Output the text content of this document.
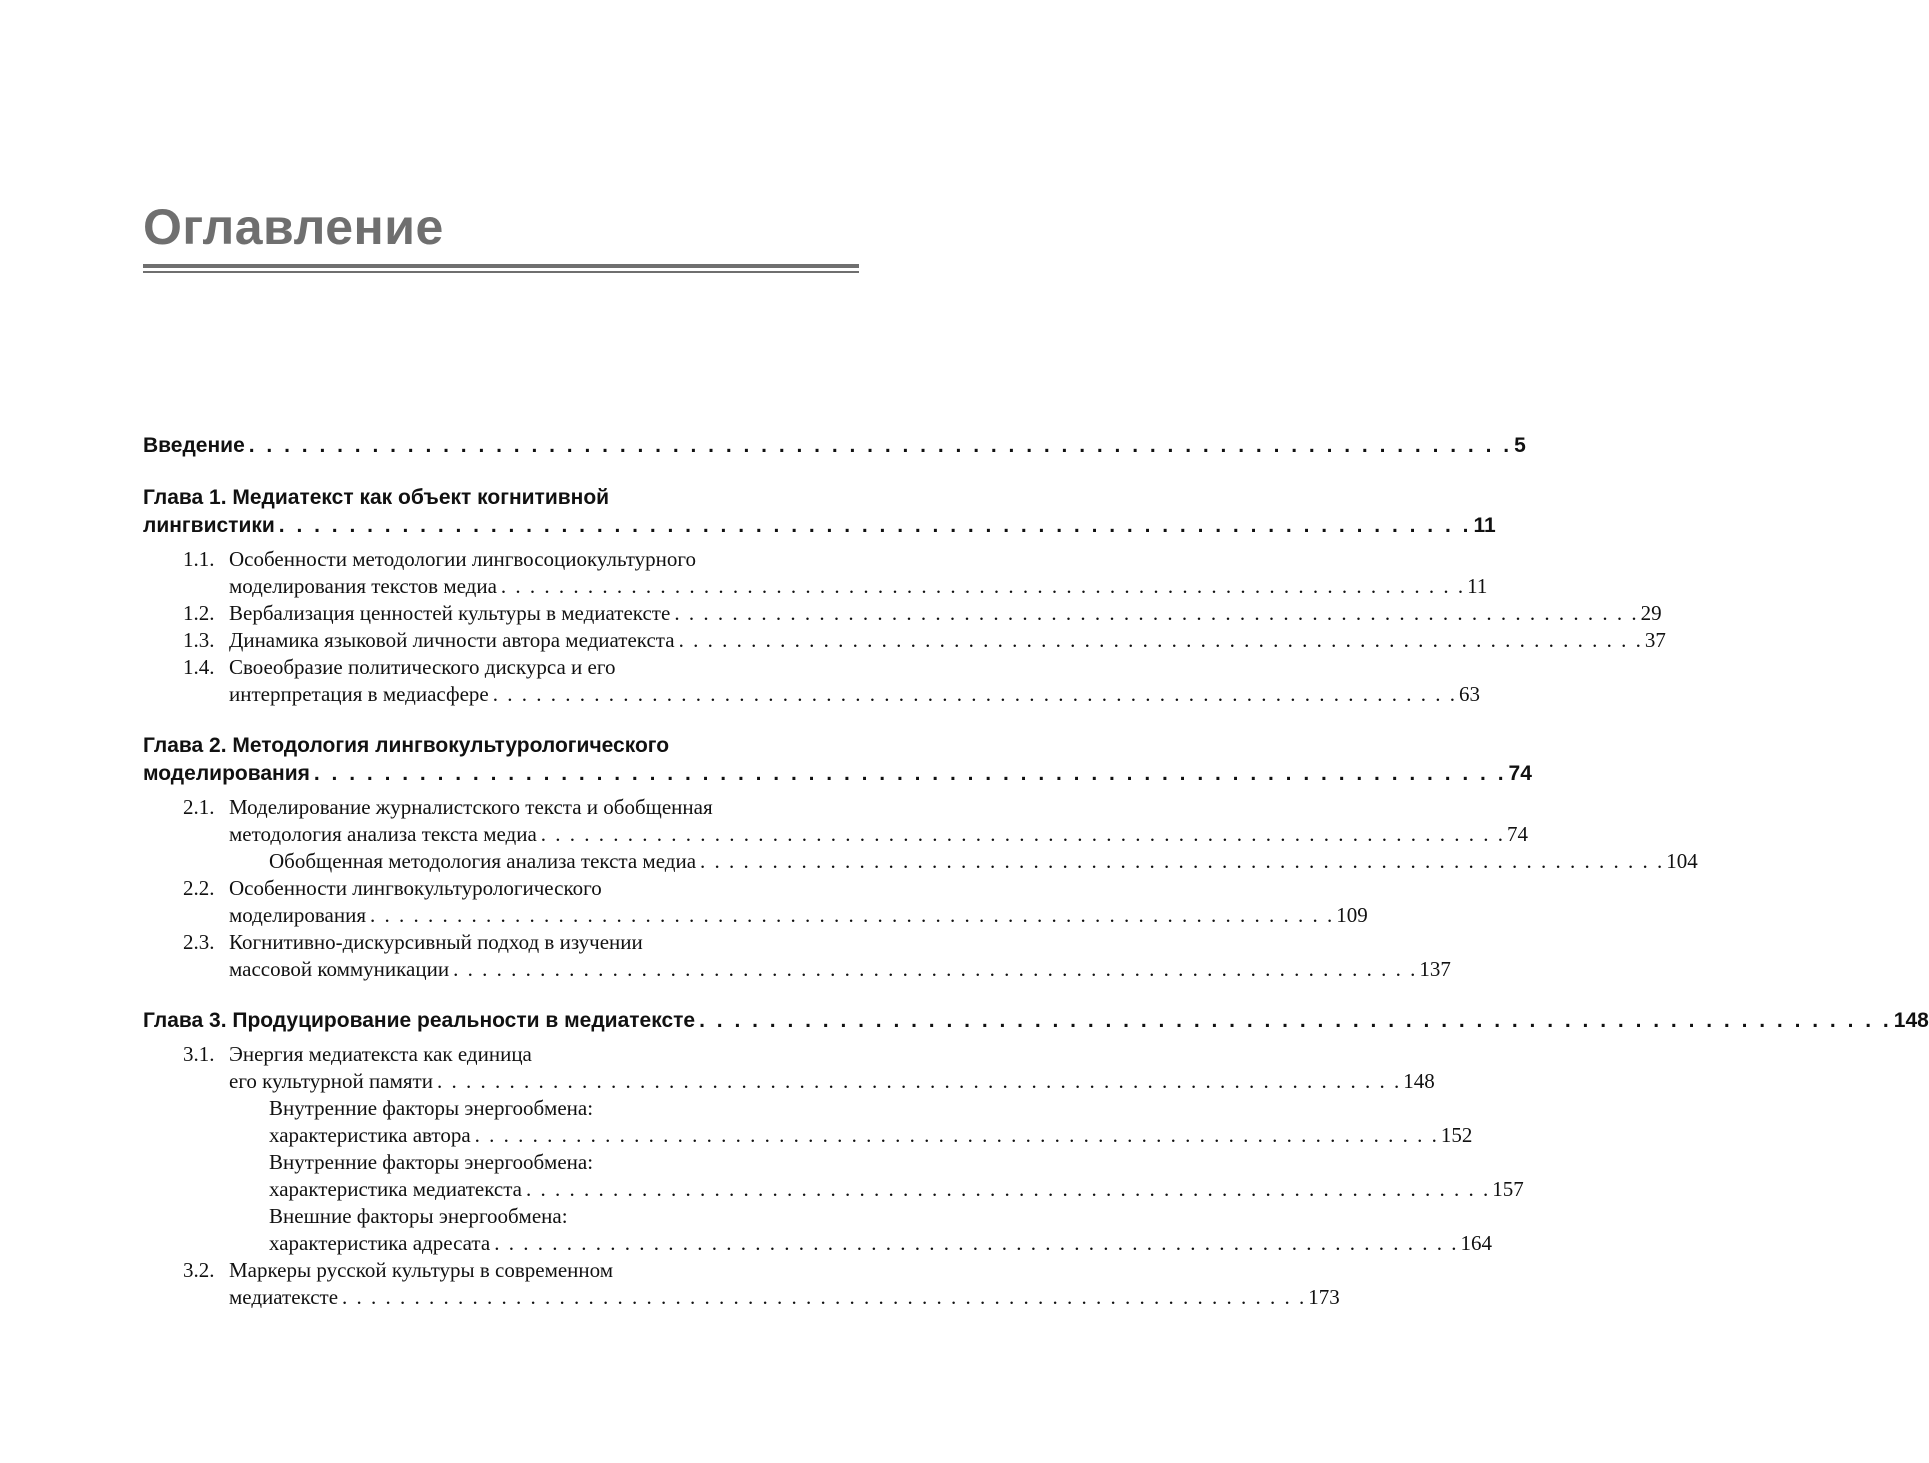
Оглавление
Введение . . . . . . . . . . . . . . . . . . . . . . . . . . . . . . . . . . . . . . . . . . . . . . . . . . . . . . . . . . . . . . . . . . . . . . . . 5
Глава 1. Медиатекст как объект когнитивной
лингвистики . . . . . . . . . . . . . . . . . . . . . . . . . . . . . . . . . . . . . . . . . . . . . . . . . . . . . . . . . . . . . . . . . . . . 11
1.1. Особенности методологии лингвосоциокультурного
моделирования текстов медиа . . . . . . . . . . . . . . . . . . . . . . . . . . . . . . . . . . . . . . . . . . . . . . . . . . . . . . . . . . . . . . . . . . . 11
1.2. Вербализация ценностей культуры в медиатексте . . . . . . . . . . . . . . . . . . . . . . . . . . . . . . . . . . . . . . . . . . . . . . . . . . . . . . . . . . . . . . . . . . . 29
1.3. Динамика языковой личности автора медиатекста . . . . . . . . . . . . . . . . . . . . . . . . . . . . . . . . . . . . . . . . . . . . . . . . . . . . . . . . . . . . . . . . . . . 37
1.4. Своеобразие политического дискурса и его
интерпретация в медиасфере . . . . . . . . . . . . . . . . . . . . . . . . . . . . . . . . . . . . . . . . . . . . . . . . . . . . . . . . . . . . . . . . . . . 63
Глава 2. Методология лингвокультурологического
моделирования . . . . . . . . . . . . . . . . . . . . . . . . . . . . . . . . . . . . . . . . . . . . . . . . . . . . . . . . . . . . . . . . . . . . 74
2.1. Моделирование журналистского текста и обобщенная
методология анализа текста медиа . . . . . . . . . . . . . . . . . . . . . . . . . . . . . . . . . . . . . . . . . . . . . . . . . . . . . . . . . . . . . . . . . . . 74
Обобщенная методология анализа текста медиа . . . . . . . . . . . . . . . . . . . . . . . . . . . . . . . . . . . . . . . . . . . . . . . . . . . . . . . . . . . . . . . . . . . 104
2.2. Особенности лингвокультурологического
моделирования . . . . . . . . . . . . . . . . . . . . . . . . . . . . . . . . . . . . . . . . . . . . . . . . . . . . . . . . . . . . . . . . . . . 109
2.3. Когнитивно-дискурсивный подход в изучении
массовой коммуникации . . . . . . . . . . . . . . . . . . . . . . . . . . . . . . . . . . . . . . . . . . . . . . . . . . . . . . . . . . . . . . . . . . . 137
Глава 3. Продуцирование реальности в медиатексте . . . . . . . . . . . . . . . . . . . . . . . . . . . . . . . . . . . . . . . . . . . . . . . . . . . . . . . . . . . . . . . . . . . . 148
3.1. Энергия медиатекста как единица
его культурной памяти . . . . . . . . . . . . . . . . . . . . . . . . . . . . . . . . . . . . . . . . . . . . . . . . . . . . . . . . . . . . . . . . . . . 148
Внутренние факторы энергообмена:
характеристика автора . . . . . . . . . . . . . . . . . . . . . . . . . . . . . . . . . . . . . . . . . . . . . . . . . . . . . . . . . . . . . . . . . . . 152
Внутренние факторы энергообмена:
характеристика медиатекста . . . . . . . . . . . . . . . . . . . . . . . . . . . . . . . . . . . . . . . . . . . . . . . . . . . . . . . . . . . . . . . . . . . 157
Внешние факторы энергообмена:
характеристика адресата . . . . . . . . . . . . . . . . . . . . . . . . . . . . . . . . . . . . . . . . . . . . . . . . . . . . . . . . . . . . . . . . . . . 164
3.2. Маркеры русской культуры в современном
медиатексте . . . . . . . . . . . . . . . . . . . . . . . . . . . . . . . . . . . . . . . . . . . . . . . . . . . . . . . . . . . . . . . . . . . 173
